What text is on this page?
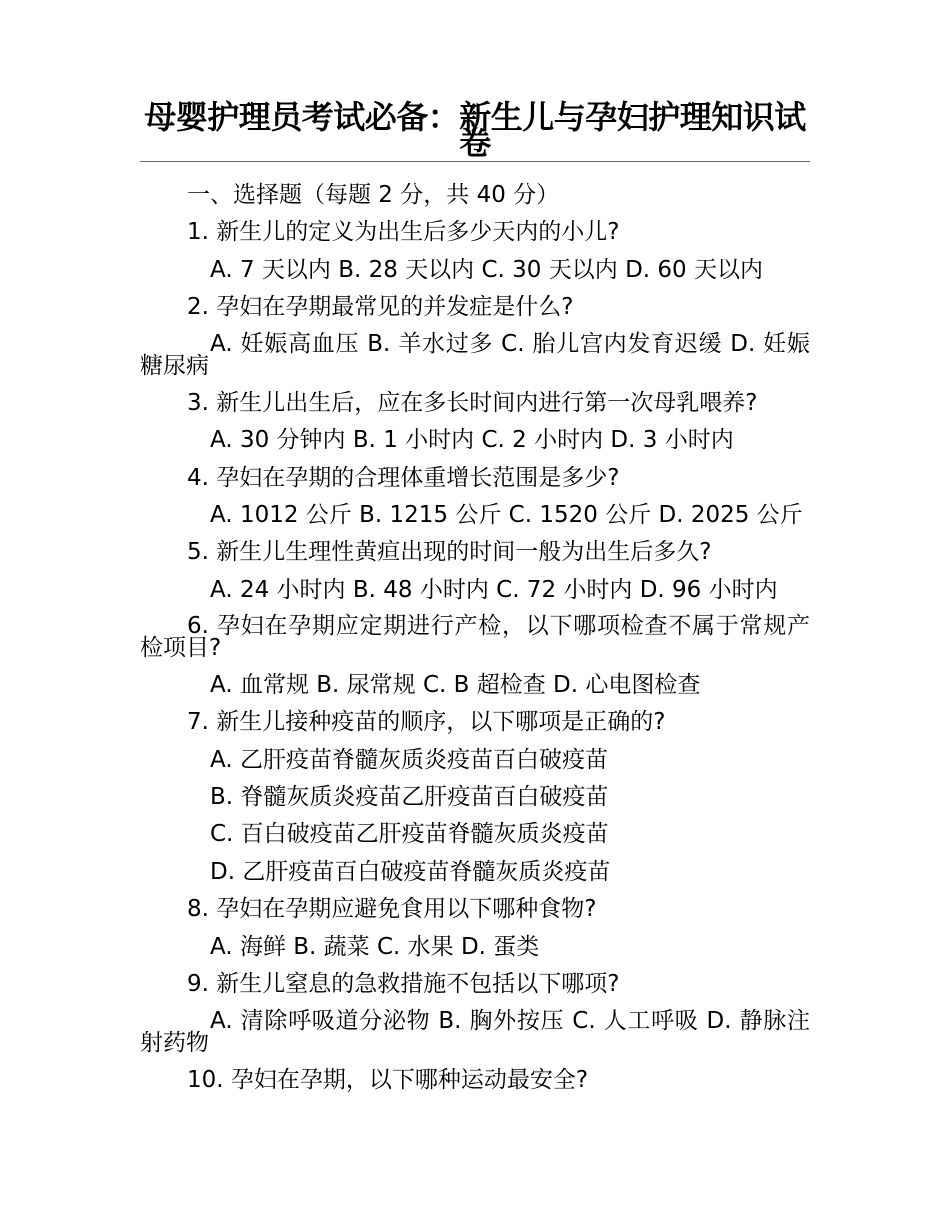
母婴护理员考试必备：新生儿与孕妇护理知识试卷

一、选择题（每题 2 分，共 40 分）

1. 新生儿的定义为出生后多少天内的小儿?

A. 7 天以内 B. 28 天以内 C. 30 天以内 D. 60 天以内

2. 孕妇在孕期最常见的并发症是什么?

A. 妊娠高血压 B. 羊水过多 C. 胎儿宫内发育迟缓 D. 妊娠糖尿病

3. 新生儿出生后，应在多长时间内进行第一次母乳喂养?

A. 30 分钟内 B. 1 小时内 C. 2 小时内 D. 3 小时内

4. 孕妇在孕期的合理体重增长范围是多少?

A. 1012 公斤 B. 1215 公斤 C. 1520 公斤 D. 2025 公斤

5. 新生儿生理性黄疸出现的时间一般为出生后多久?

A. 24 小时内 B. 48 小时内 C. 72 小时内 D. 96 小时内

6. 孕妇在孕期应定期进行产检，以下哪项检查不属于常规产检项目?

A. 血常规 B. 尿常规 C. B 超检查 D. 心电图检查

7. 新生儿接种疫苗的顺序，以下哪项是正确的?

A. 乙肝疫苗脊髓灰质炎疫苗百白破疫苗

B. 脊髓灰质炎疫苗乙肝疫苗百白破疫苗

C. 百白破疫苗乙肝疫苗脊髓灰质炎疫苗

D. 乙肝疫苗百白破疫苗脊髓灰质炎疫苗

8. 孕妇在孕期应避免食用以下哪种食物?

A. 海鲜 B. 蔬菜 C. 水果 D. 蛋类

9. 新生儿窒息的急救措施不包括以下哪项?

A. 清除呼吸道分泌物 B. 胸外按压 C. 人工呼吸 D. 静脉注射药物

10. 孕妇在孕期，以下哪种运动最安全?
